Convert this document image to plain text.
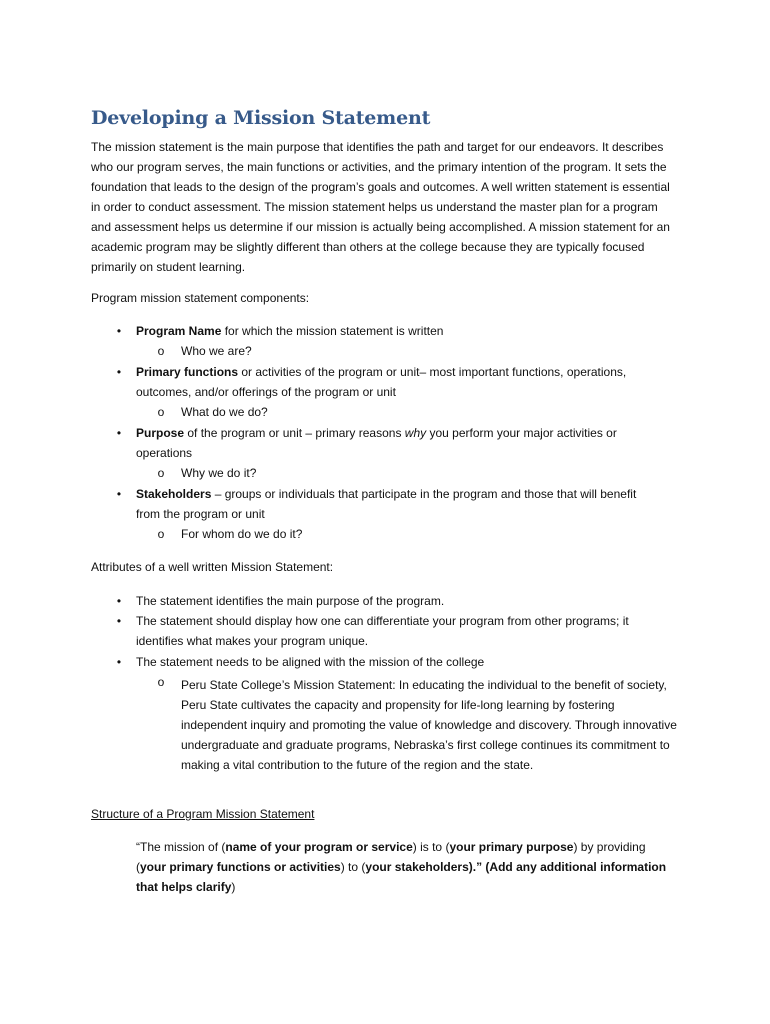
Developing a Mission Statement
The mission statement is the main purpose that identifies the path and target for our endeavors. It describes who our program serves, the main functions or activities, and the primary intention of the program. It sets the foundation that leads to the design of the program’s goals and outcomes. A well written statement is essential in order to conduct assessment. The mission statement helps us understand the master plan for a program and assessment helps us determine if our mission is actually being accomplished. A mission statement for an academic program may be slightly different than others at the college because they are typically focused primarily on student learning.
Program mission statement components:
• Program Name for which the mission statement is written
o Who we are?
• Primary functions or activities of the program or unit– most important functions, operations,
outcomes, and/or offerings of the program or unit
o What do we do?
• Purpose of the program or unit – primary reasons why you perform your major activities or
operations
o Why we do it?
• Stakeholders – groups or individuals that participate in the program and those that will benefit
from the program or unit
o For whom do we do it?
Attributes of a well written Mission Statement:
• The statement identifies the main purpose of the program.
• The statement should display how one can differentiate your program from other programs; it
identifies what makes your program unique.
• The statement needs to be aligned with the mission of the college
o Peru State College’s Mission Statement: In educating the individual to the benefit of society, Peru State cultivates the capacity and propensity for life-long learning by fostering independent inquiry and promoting the value of knowledge and discovery. Through innovative undergraduate and graduate programs, Nebraska’s first college continues its commitment to making a vital contribution to the future of the region and the state.
Structure of a Program Mission Statement
“The mission of (name of your program or service) is to (your primary purpose) by providing
(your primary functions or activities) to (your stakeholders).” (Add any additional information
that helps clarify)
